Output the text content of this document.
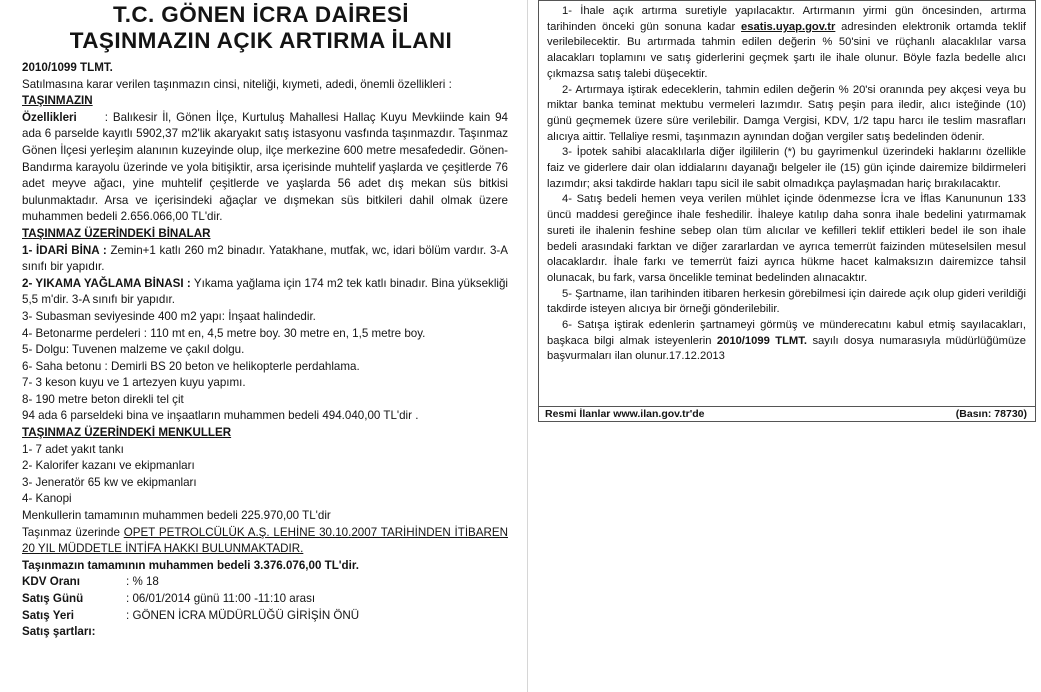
T.C. GÖNEN İCRA DAİRESİ
TAŞINMAZIN AÇIK ARTIRMA İLANI

2010/1099 TLMT.

Satılmasına karar verilen taşınmazın cinsi, niteliği, kıymeti, adedi, önemli özellikleri :

TAŞINMAZIN

Özellikleri : Balıkesir İl, Gönen İlçe, Kurtuluş Mahallesi Hallaç Kuyu Mevkiinde kain 94 ada 6 parselde kayıtlı 5902,37 m2'lik akaryakıt satış istasyonu vasfında taşınmazdır. Taşınmaz Gönen İlçesi yerleşim alanının kuzeyinde olup, ilçe merkezine 600 metre mesafededir. Gönen-Bandırma karayolu üzerinde ve yola bitişiktir, arsa içerisinde muhtelif yaşlarda ve çeşitlerde 76 adet meyve ağacı, yine muhtelif çeşitlerde ve yaşlarda 56 adet dış mekan süs bitkisi bulunmaktadır. Arsa ve içerisindeki ağaçlar ve dışmekan süs bitkileri dahil olmak üzere muhammen bedeli 2.656.066,00 TL'dir.

TAŞINMAZ ÜZERİNDEKİ BİNALAR

1- İDARİ BİNA : Zemin+1 katlı 260 m2 binadır. Yatakhane, mutfak, wc, idari bölüm vardır. 3-A sınıfı bir yapıdır.

2- YIKAMA YAĞLAMA BİNASI : Yıkama yağlama için 174 m2 tek katlı binadır. Bina yüksekliği 5,5 m'dir. 3-A sınıfı bir yapıdır.

3- Subasman seviyesinde 400 m2 yapı: İnşaat halindedir.

4- Betonarme perdeleri : 110 mt en, 4,5 metre boy. 30 metre en, 1,5 metre boy.

5- Dolgu: Tuvenen malzeme ve çakıl dolgu.

6- Saha betonu : Demirli BS 20 beton ve helikopterle perdahlama.

7- 3 keson kuyu ve 1 artezyen kuyu yapımı.

8- 190 metre beton direkli tel çit

94 ada 6 parseldeki bina ve inşaatların muhammen bedeli 494.040,00 TL'dir .

TAŞINMAZ ÜZERİNDEKİ MENKULLER

1- 7 adet yakıt tankı

2- Kalorifer kazanı ve ekipmanları

3- Jeneratör 65 kw ve ekipmanları

4- Kanopi

Menkullerin tamamının muhammen bedeli 225.970,00 TL'dir

Taşınmaz üzerinde OPET PETROLCÜLÜK A.Ş. LEHİNE 30.10.2007 TARİHİNDEN İTİBAREN 20 YIL MÜDDETLE İNTİFA HAKKI BULUNMAKTADIR.

Taşınmazın tamamının muhammen bedeli 3.376.076,00 TL'dir.

KDV Oranı	: % 18
Satış Günü	: 06/01/2014 günü 11:00 -11:10 arası
Satış Yeri	: GÖNEN İCRA MÜDÜRLÜĞÜ GİRİŞİN ÖNÜ

Satış şartları:

1- İhale açık artırma suretiyle yapılacaktır. Artırmanın yirmi gün öncesinden, artırma tarihinden önceki gün sonuna kadar esatis.uyap.gov.tr adresinden elektronik ortamda teklif verilebilecektir. Bu artırmada tahmin edilen değerin % 50'sini ve rüçhanlı alacaklılar varsa alacakları toplamını ve satış giderlerini geçmek şartı ile ihale olunur. Böyle fazla bedelle alıcı çıkmazsa satış talebi düşecektir.

2- Artırmaya iştirak edeceklerin, tahmin edilen değerin % 20'si oranında pey akçesi veya bu miktar banka teminat mektubu vermeleri lazımdır. Satış peşin para iledir, alıcı isteğinde (10) günü geçmemek üzere süre verilebilir. Damga Vergisi, KDV, 1/2 tapu harcı ile teslim masrafları alıcıya aittir. Tellaliye resmi, taşınmazın aynından doğan vergiler satış bedelinden ödenir.

3- İpotek sahibi alacaklılarla diğer ilgililerin (*) bu gayrimenkul üzerindeki haklarını özellikle faiz ve giderlere dair olan iddialarını dayanağı belgeler ile (15) gün içinde dairemize bildirmeleri lazımdır; aksi takdirde hakları tapu sicil ile sabit olmadıkça paylaşmadan hariç bırakılacaktır.

4- Satış bedeli hemen veya verilen mühlet içinde ödenmezse İcra ve İflas Kanununun 133 üncü maddesi gereğince ihale feshedilir. İhaleye katılıp daha sonra ihale bedelini yatırmamak sureti ile ihalenin feshine sebep olan tüm alıcılar ve kefilleri teklif ettikleri bedel ile son ihale bedeli arasındaki farktan ve diğer zararlardan ve ayrıca temerrüt faizinden müteselsilen mesul olacaklardır. İhale farkı ve temerrüt faizi ayrıca hükme hacet kalmaksızın dairemizce tahsil olunacak, bu fark, varsa öncelikle teminat bedelinden alınacaktır.

5- Şartname, ilan tarihinden itibaren herkesin görebilmesi için dairede açık olup gideri verildiği takdirde isteyen alıcıya bir örneği gönderilebilir.

6- Satışa iştirak edenlerin şartnameyi görmüş ve münderecatını kabul etmiş sayılacakları, başkaca bilgi almak isteyenlerin 2010/1099 TLMT. sayılı dosya numarasıyla müdürlüğümüze başvurmaları ilan olunur.17.12.2013

Resmi İlanlar www.ilan.gov.tr'de	(Basın: 78730)
